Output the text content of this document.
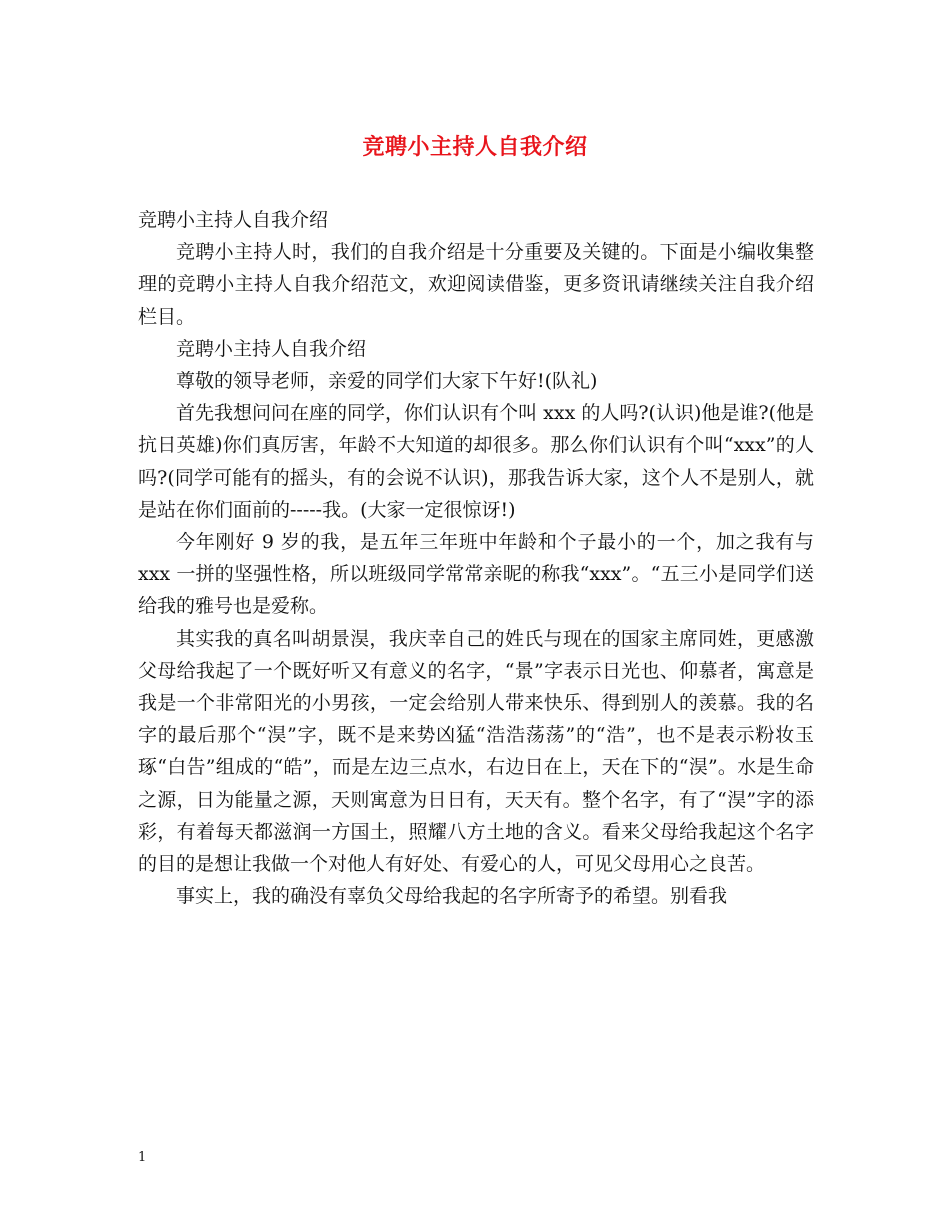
竞聘小主持人自我介绍

竞聘小主持人自我介绍

竞聘小主持人时，我们的自我介绍是十分重要及关键的。下面是小编收集整理的竞聘小主持人自我介绍范文，欢迎阅读借鉴，更多资讯请继续关注自我介绍栏目。

竞聘小主持人自我介绍

尊敬的领导老师，亲爱的同学们大家下午好!(队礼)

首先我想问问在座的同学，你们认识有个叫 xxx 的人吗?(认识)他是谁?(他是抗日英雄)你们真厉害，年龄不大知道的却很多。那么你们认识有个叫“xxx”的人吗?(同学可能有的摇头，有的会说不认识)，那我告诉大家，这个人不是别人，就是站在你们面前的-----我。(大家一定很惊讶!)

今年刚好 9 岁的我，是五年三年班中年龄和个子最小的一个，加之我有与 xxx 一拼的坚强性格，所以班级同学常常亲昵的称我“xxx”。“五三小是同学们送给我的雅号也是爱称。

其实我的真名叫胡景淏，我庆幸自己的姓氏与现在的国家主席同姓，更感激父母给我起了一个既好听又有意义的名字，“景”字表示日光也、仰慕者，寓意是我是一个非常阳光的小男孩，一定会给别人带来快乐、得到别人的羡慕。我的名字的最后那个“淏”字，既不是来势凶猛“浩浩荡荡”的“浩”，也不是表示粉妆玉琢“白告”组成的“皓”，而是左边三点水，右边日在上，天在下的“淏”。水是生命之源，日为能量之源，天则寓意为日日有，天天有。整个名字，有了“淏”字的添彩，有着每天都滋润一方国土，照耀八方土地的含义。看来父母给我起这个名字的目的是想让我做一个对他人有好处、有爱心的人，可见父母用心之良苦。

事实上，我的确没有辜负父母给我起的名字所寄予的希望。别看我

1
